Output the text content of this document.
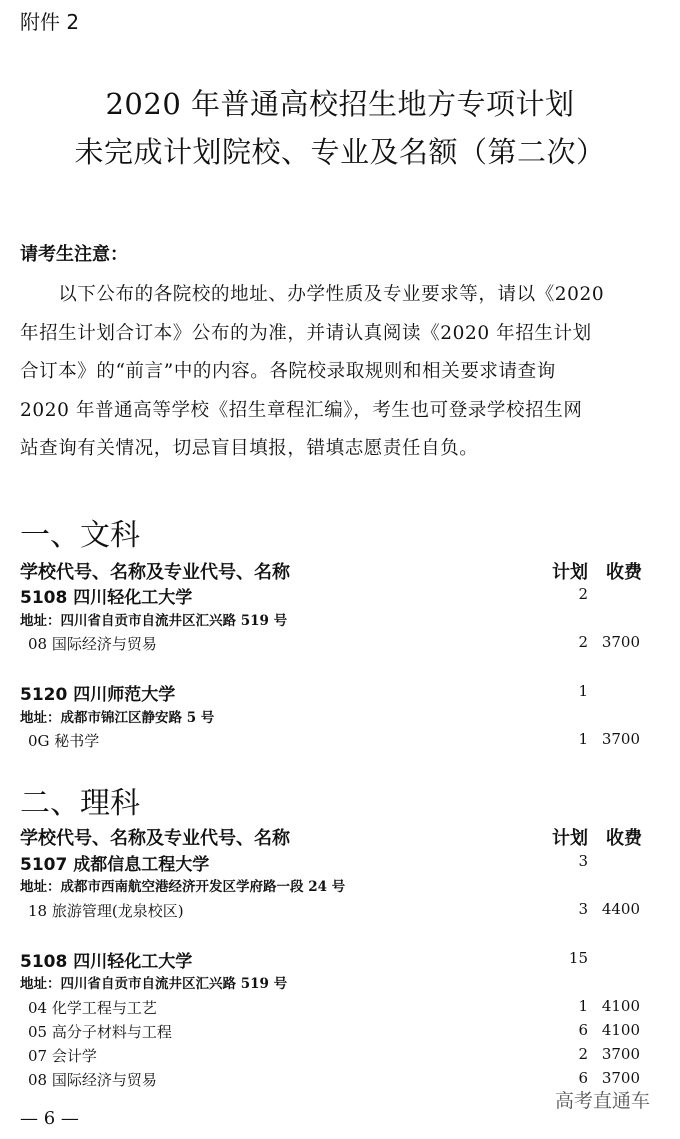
附件 2
2020 年普通高校招生地方专项计划
未完成计划院校、专业及名额（第二次）
请考生注意：
　　以下公布的各院校的地址、办学性质及专业要求等，请以《2020
年招生计划合订本》公布的为准，并请认真阅读《2020 年招生计划
合订本》的“前言”中的内容。各院校录取规则和相关要求请查询
2020 年普通高等学校《招生章程汇编》，考生也可登录学校招生网
站查询有关情况，切忌盲目填报，错填志愿责任自负。
一、文科
学校代号、名称及专业代号、名称	计划 收费
5108 四川轻化工大学	2
地址：四川省自贡市自流井区汇兴路 519 号
08 国际经济与贸易	2 3700
5120 四川师范大学	1
地址：成都市锦江区静安路 5 号
0G 秘书学	1 3700
二、理科
学校代号、名称及专业代号、名称	计划 收费
5107 成都信息工程大学	3
地址：成都市西南航空港经济开发区学府路一段 24 号
18 旅游管理(龙泉校区)	3 4400
5108 四川轻化工大学	15
地址：四川省自贡市自流井区汇兴路 519 号
04 化学工程与工艺	1 4100
05 高分子材料与工程	6 4100
07 会计学	2 3700
08 国际经济与贸易	6 3700
高考直通车
— 6 —
